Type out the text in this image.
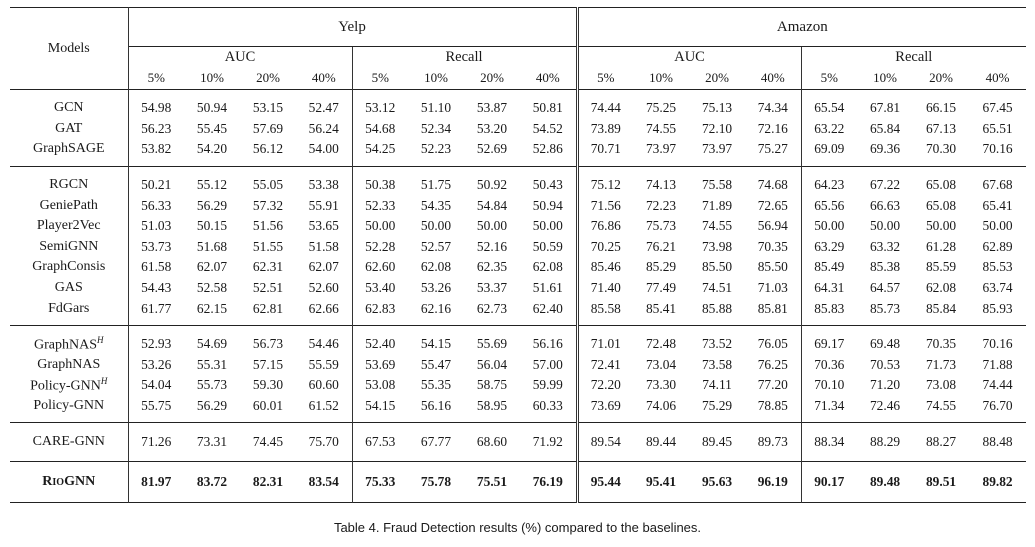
Models	Yelp								Amazon							
	AUC				Recall				AUC				Recall			
	5%	10%	20%	40%	5%	10%	20%	40%	5%	10%	20%	40%	5%	10%	20%	40%
GCN	54.98	50.94	53.15	52.47	53.12	51.10	53.87	50.81	74.44	75.25	75.13	74.34	65.54	67.81	66.15	67.45
GAT	56.23	55.45	57.69	56.24	54.68	52.34	53.20	54.52	73.89	74.55	72.10	72.16	63.22	65.84	67.13	65.51
GraphSAGE	53.82	54.20	56.12	54.00	54.25	52.23	52.69	52.86	70.71	73.97	73.97	75.27	69.09	69.36	70.30	70.16
RGCN	50.21	55.12	55.05	53.38	50.38	51.75	50.92	50.43	75.12	74.13	75.58	74.68	64.23	67.22	65.08	67.68
GeniePath	56.33	56.29	57.32	55.91	52.33	54.35	54.84	50.94	71.56	72.23	71.89	72.65	65.56	66.63	65.08	65.41
Player2Vec	51.03	50.15	51.56	53.65	50.00	50.00	50.00	50.00	76.86	75.73	74.55	56.94	50.00	50.00	50.00	50.00
SemiGNN	53.73	51.68	51.55	51.58	52.28	52.57	52.16	50.59	70.25	76.21	73.98	70.35	63.29	63.32	61.28	62.89
GraphConsis	61.58	62.07	62.31	62.07	62.60	62.08	62.35	62.08	85.46	85.29	85.50	85.50	85.49	85.38	85.59	85.53
GAS	54.43	52.58	52.51	52.60	53.40	53.26	53.37	51.61	71.40	77.49	74.51	71.03	64.31	64.57	62.08	63.74
FdGars	61.77	62.15	62.81	62.66	62.83	62.16	62.73	62.40	85.58	85.41	85.88	85.81	85.83	85.73	85.84	85.93
GraphNAS$^H$	52.93	54.69	56.73	54.46	52.40	54.15	55.69	56.16	71.01	72.48	73.52	76.05	69.17	69.48	70.35	70.16
GraphNAS	53.26	55.31	57.15	55.59	53.69	55.47	56.04	57.00	72.41	73.04	73.58	76.25	70.36	70.53	71.73	71.88
Policy-$GNN^H$	54.04	55.73	59.30	60.60	53.08	55.35	58.75	59.99	72.20	73.30	74.11	77.20	70.10	71.20	73.08	74.44
Policy-GNN	55.75	56.29	60.01	61.52	54.15	56.16	58.95	60.33	73.69	74.06	75.29	78.85	71.34	72.46	74.55	76.70
CARE-GNN	71.26	73.31	74.45	75.70	67.53	67.77	68.60	71.92	89.54	89.44	89.45	89.73	88.34	88.29	88.27	88.48
RioGNN	81.97	83.72	82.31	83.54	75.33	75.78	75.51	76.19	95.44	95.41	95.63	96.19	90.17	89.48	89.51	89.82
Table 4. Fraud Detection results (%) compared to the baselines.
